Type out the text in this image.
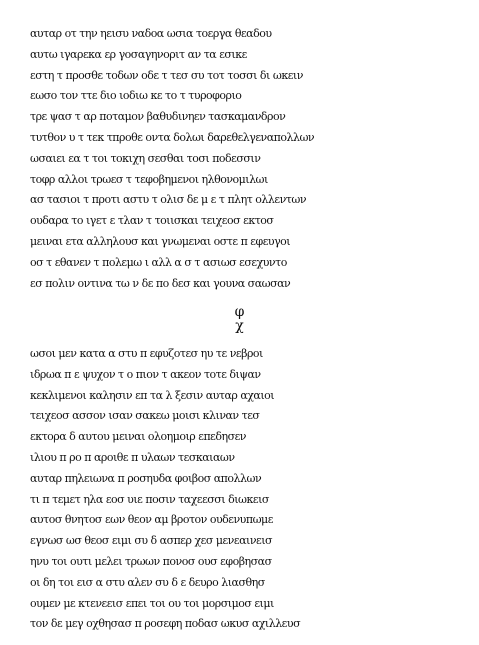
αυταρ οτ την ηεισυ ναδοα ωσια τοεργα θεαδου
αυτω ιγαρεκα ερ γοσαγηνοριτ αν τα εσικε
εστη τ προσθε τοδων οδε τ τεσ συ τοτ τοσσι δι ωκειν
εωσο τον ττε διο ιοδιω κε το τ τυροφοριο
τρε ψασ τ αρ ποταμον βαθυδινηεν τασκαμανδρον
τυτθον υ τ τεκ τπροθε οντα δολωι δαρεθελγεναπολλων
ωσαιει εα τ τοι τοκιχη σεσθαι τοσι ποδεσσιν
τοφρ αλλοι τρωεσ τ τεφοβημενοι ηλθονομιλωι
ασ τασιοι τ προτι αστυ τ ολισ δε μ ε τ πλητ ολλεντων
ουδαρα το ιγετ ε τλαν τ τοιισκαι τειχεοσ εκτοσ
μειναι ετα αλληλουσ και γνωμεναι οστε π εφευγοι
οσ τ εθανεν τ πολεμω ι αλλ α σ τ ασιωσ εσεχυντο
εσ πολιν οντινα τω ν δε πο δεσ και γουνα σαωσαν
φ
χ
ωσοι μεν κατα α στυ π εφυζοτεσ ηυ τε νεβροι
ιδρωα π ε ψυχον τ ο πιον τ ακεον τοτε διψαν
κεκλιμενοι καλησιν επ τα λ ξεσιν αυταρ αχαιοι
τειχεοσ ασσον ισαν σακεω μοισι κλιναν τεσ
εκτορα δ αυτου μειναι ολοημοιρ επεδησεν
ιλιου π ρο π αροιθε π υλαων τεσκαιαων
αυταρ πηλειωνα π ροσηυδα φοιβοσ απολλων
τι π τεμετ ηλα εοσ υιε ποσιν ταχεεσσι διωκεισ
αυτοσ θνητοσ εων θεον αμ βροτον ουδενυπωμε
εγνωσ ωσ θεοσ ειμι συ δ ασπερ χεσ μενεαινεισ
ηνυ τοι ουτι μελει τρωων πονοσ ουσ εφοβησασ
οι δη τοι εισ α στυ αλεν συ δ ε δευρο λιασθησ
ουμεν με κτενεεισ επει τοι ου τοι μορσιμοσ ειμι
τον δε μεγ οχθησασ π ροσεφη ποδασ ωκυσ αχιλλευσ
